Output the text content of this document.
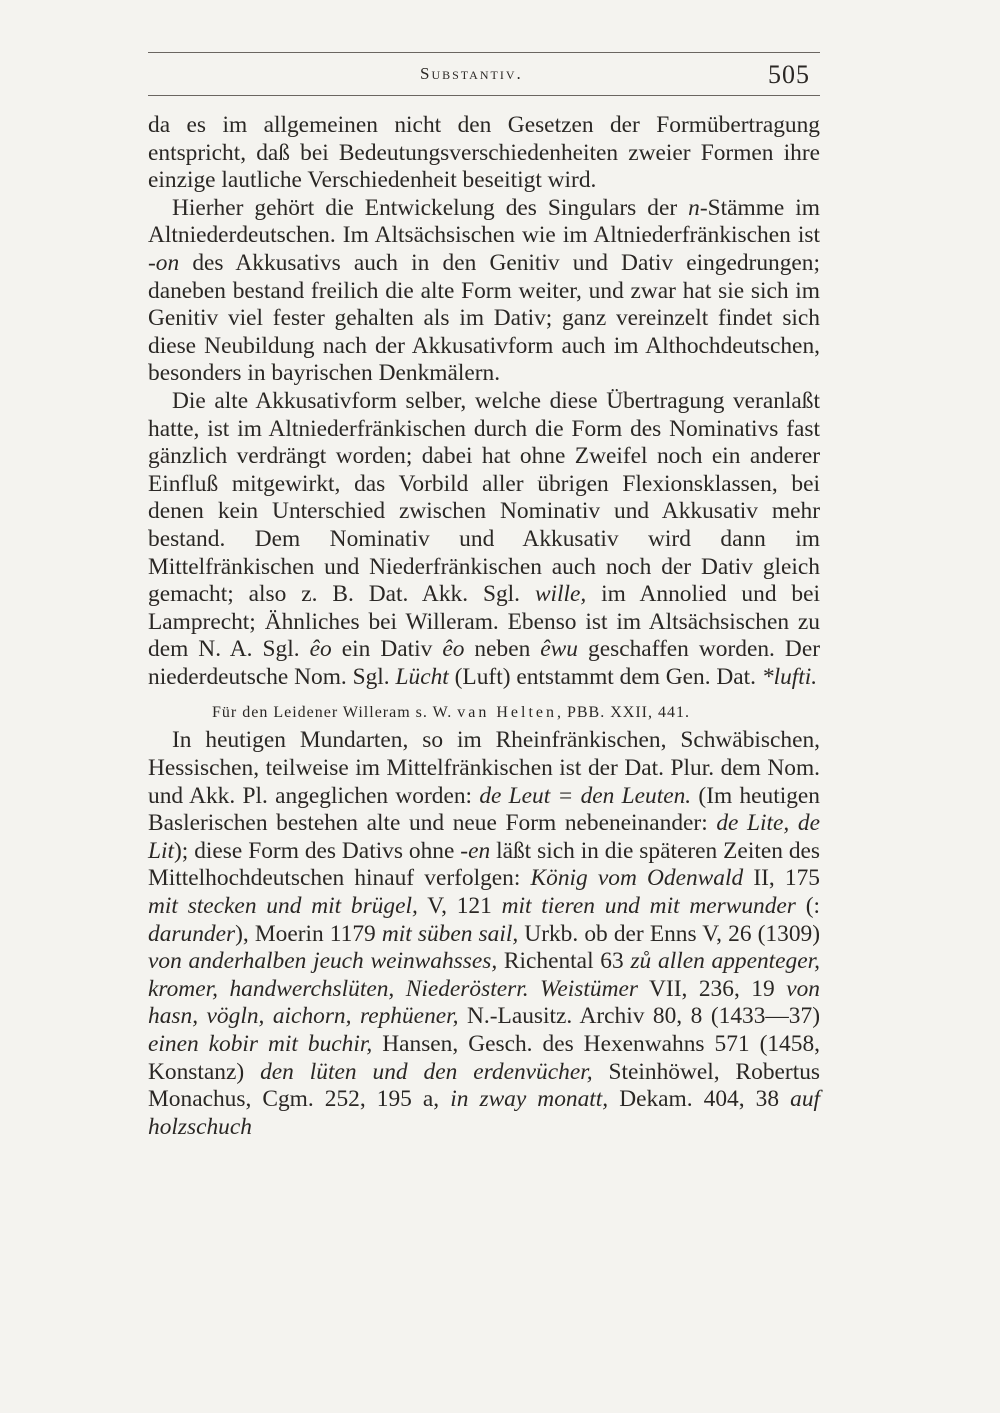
Substantiv.	505

da es im allgemeinen nicht den Gesetzen der Formübertragung entspricht, daß bei Bedeutungsverschiedenheiten zweier Formen ihre einzige lautliche Verschiedenheit beseitigt wird.

Hierher gehört die Entwickelung des Singulars der n-Stämme im Altniederdeutschen. Im Altsächsischen wie im Altniederfränkischen ist -on des Akkusativs auch in den Genitiv und Dativ eingedrungen; daneben bestand freilich die alte Form weiter, und zwar hat sie sich im Genitiv viel fester gehalten als im Dativ; ganz vereinzelt findet sich diese Neubildung nach der Akkusativform auch im Althochdeutschen, besonders in bayrischen Denkmälern.

Die alte Akkusativform selber, welche diese Übertragung veranlaßt hatte, ist im Altniederfränkischen durch die Form des Nominativs fast gänzlich verdrängt worden; dabei hat ohne Zweifel noch ein anderer Einfluß mitgewirkt, das Vorbild aller übrigen Flexionsklassen, bei denen kein Unterschied zwischen Nominativ und Akkusativ mehr bestand. Dem Nominativ und Akkusativ wird dann im Mittelfränkischen und Niederfränkischen auch noch der Dativ gleich gemacht; also z. B. Dat. Akk. Sgl. wille, im Annolied und bei Lamprecht; Ähnliches bei Willeram. Ebenso ist im Altsächsischen zu dem N. A. Sgl. êo ein Dativ êo neben êwu geschaffen worden. Der niederdeutsche Nom. Sgl. Lücht (Luft) entstammt dem Gen. Dat. *lufti.

Für den Leidener Willeram s. W. van Helten, PBB. XXII, 441.

In heutigen Mundarten, so im Rheinfränkischen, Schwäbischen, Hessischen, teilweise im Mittelfränkischen ist der Dat. Plur. dem Nom. und Akk. Pl. angeglichen worden: de Leut = den Leuten. (Im heutigen Baslerischen bestehen alte und neue Form nebeneinander: de Lite, de Lit); diese Form des Dativs ohne -en läßt sich in die späteren Zeiten des Mittelhochdeutschen hinauf verfolgen: König vom Odenwald II, 175 mit stecken und mit brügel, V, 121 mit tieren und mit merwunder (: darunder), Moerin 1179 mit süben sail, Urkb. ob der Enns V, 26 (1309) von anderhalben jeuch weinwahsses, Richental 63 zů allen appenteger, kromer, handwerchslüten, Niederösterr. Weistümer VII, 236, 19 von hasn, vögln, aichorn, rephüener, N.-Lausitz. Archiv 80, 8 (1433—37) einen kobir mit buchir, Hansen, Gesch. des Hexenwahns 571 (1458, Konstanz) den lüten und den erdenvücher, Steinhöwel, Robertus Monachus, Cgm. 252, 195 a, in zway monatt, Dekam. 404, 38 auf holzschuch
